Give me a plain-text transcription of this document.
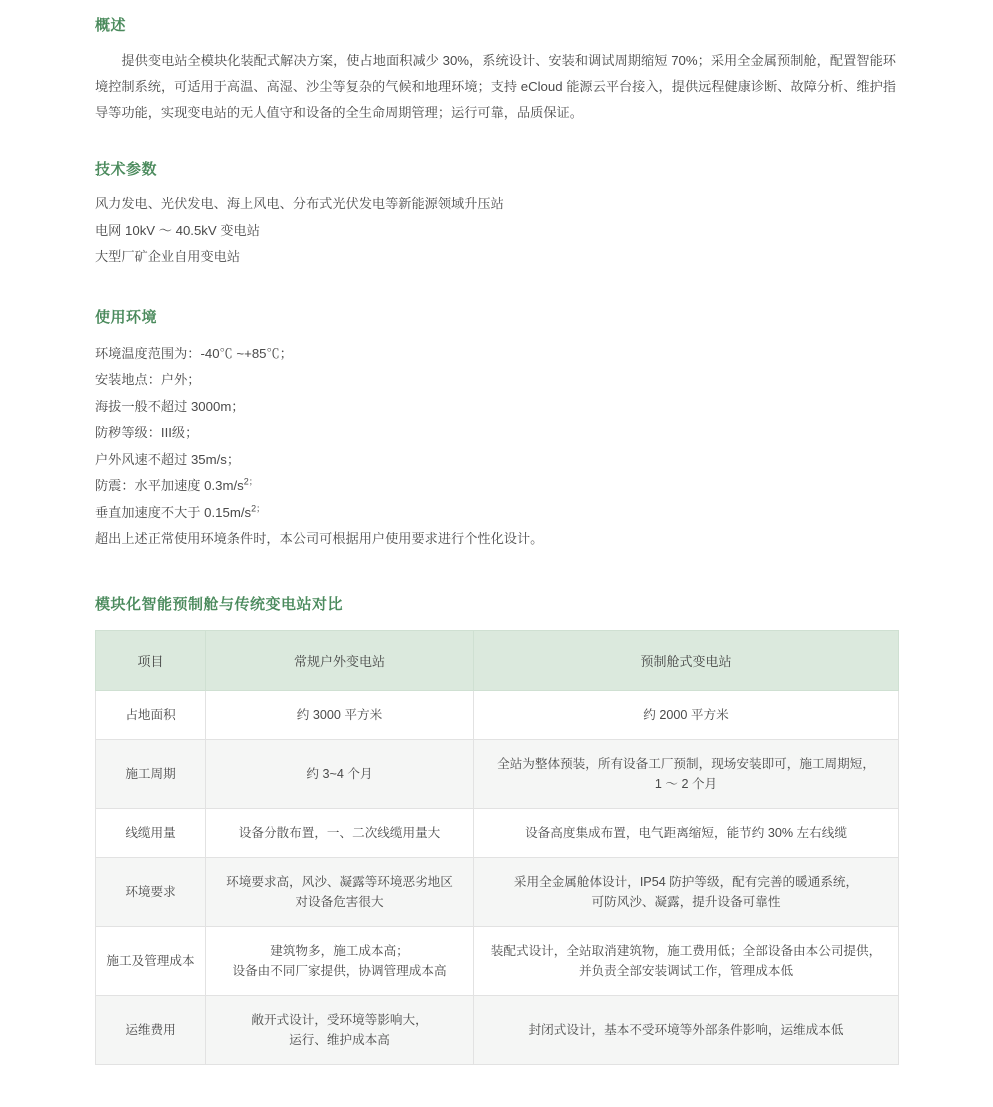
概述

提供变电站全模块化装配式解决方案，使占地面积减少 30%，系统设计、安装和调试周期缩短 70%；采用全金属预制舱，配置智能环境控制系统，可适用于高温、高湿、沙尘等复杂的气候和地理环境；支持 eCloud 能源云平台接入，提供远程健康诊断、故障分析、维护指导等功能，实现变电站的无人值守和设备的全生命周期管理；运行可靠，品质保证。

技术参数
风力发电、光伏发电、海上风电、分布式光伏发电等新能源领域升压站
电网 10kV ～ 40.5kV 变电站
大型厂矿企业自用变电站
使用环境
环境温度范围为：-40℃ ~+85℃；
安装地点：户外；
海拔一般不超过 3000m；
防秽等级：III级；
户外风速不超过 35m/s；
防震：水平加速度 $0.3m/s^{2;}$
垂直加速度不大于 $0.15m/s^{2;}$
超出上述正常使用环境条件时，本公司可根据用户使用要求进行个性化设计。
模块化智能预制舱与传统变电站对比
项目	常规户外变电站	预制舱式变电站
占地面积	约 3000 平方米	约 2000 平方米

施工周期	约 3~4 个月	全站为整体预装，所有设备工厂预制，现场安装即可，施工周期短，
1 ～ 2 个月

线缆用量	设备分散布置，一、二次线缆用量大	设备高度集成布置，电气距离缩短，能节约 30% 左右线缆

环境要求	环境要求高，风沙、凝露等环境恶劣地区
对设备危害很大	采用全金属舱体设计，IP54 防护等级，配有完善的暖通系统，
可防风沙、凝露，提升设备可靠性

施工及管理成本	建筑物多，施工成本高；
设备由不同厂家提供，协调管理成本高	装配式设计，全站取消建筑物，施工费用低；全部设备由本公司提供，
并负责全部安装调试工作，管理成本低

运维费用	敞开式设计，受环境等影响大，
运行、维护成本高	封闭式设计，基本不受环境等外部条件影响，运维成本低
